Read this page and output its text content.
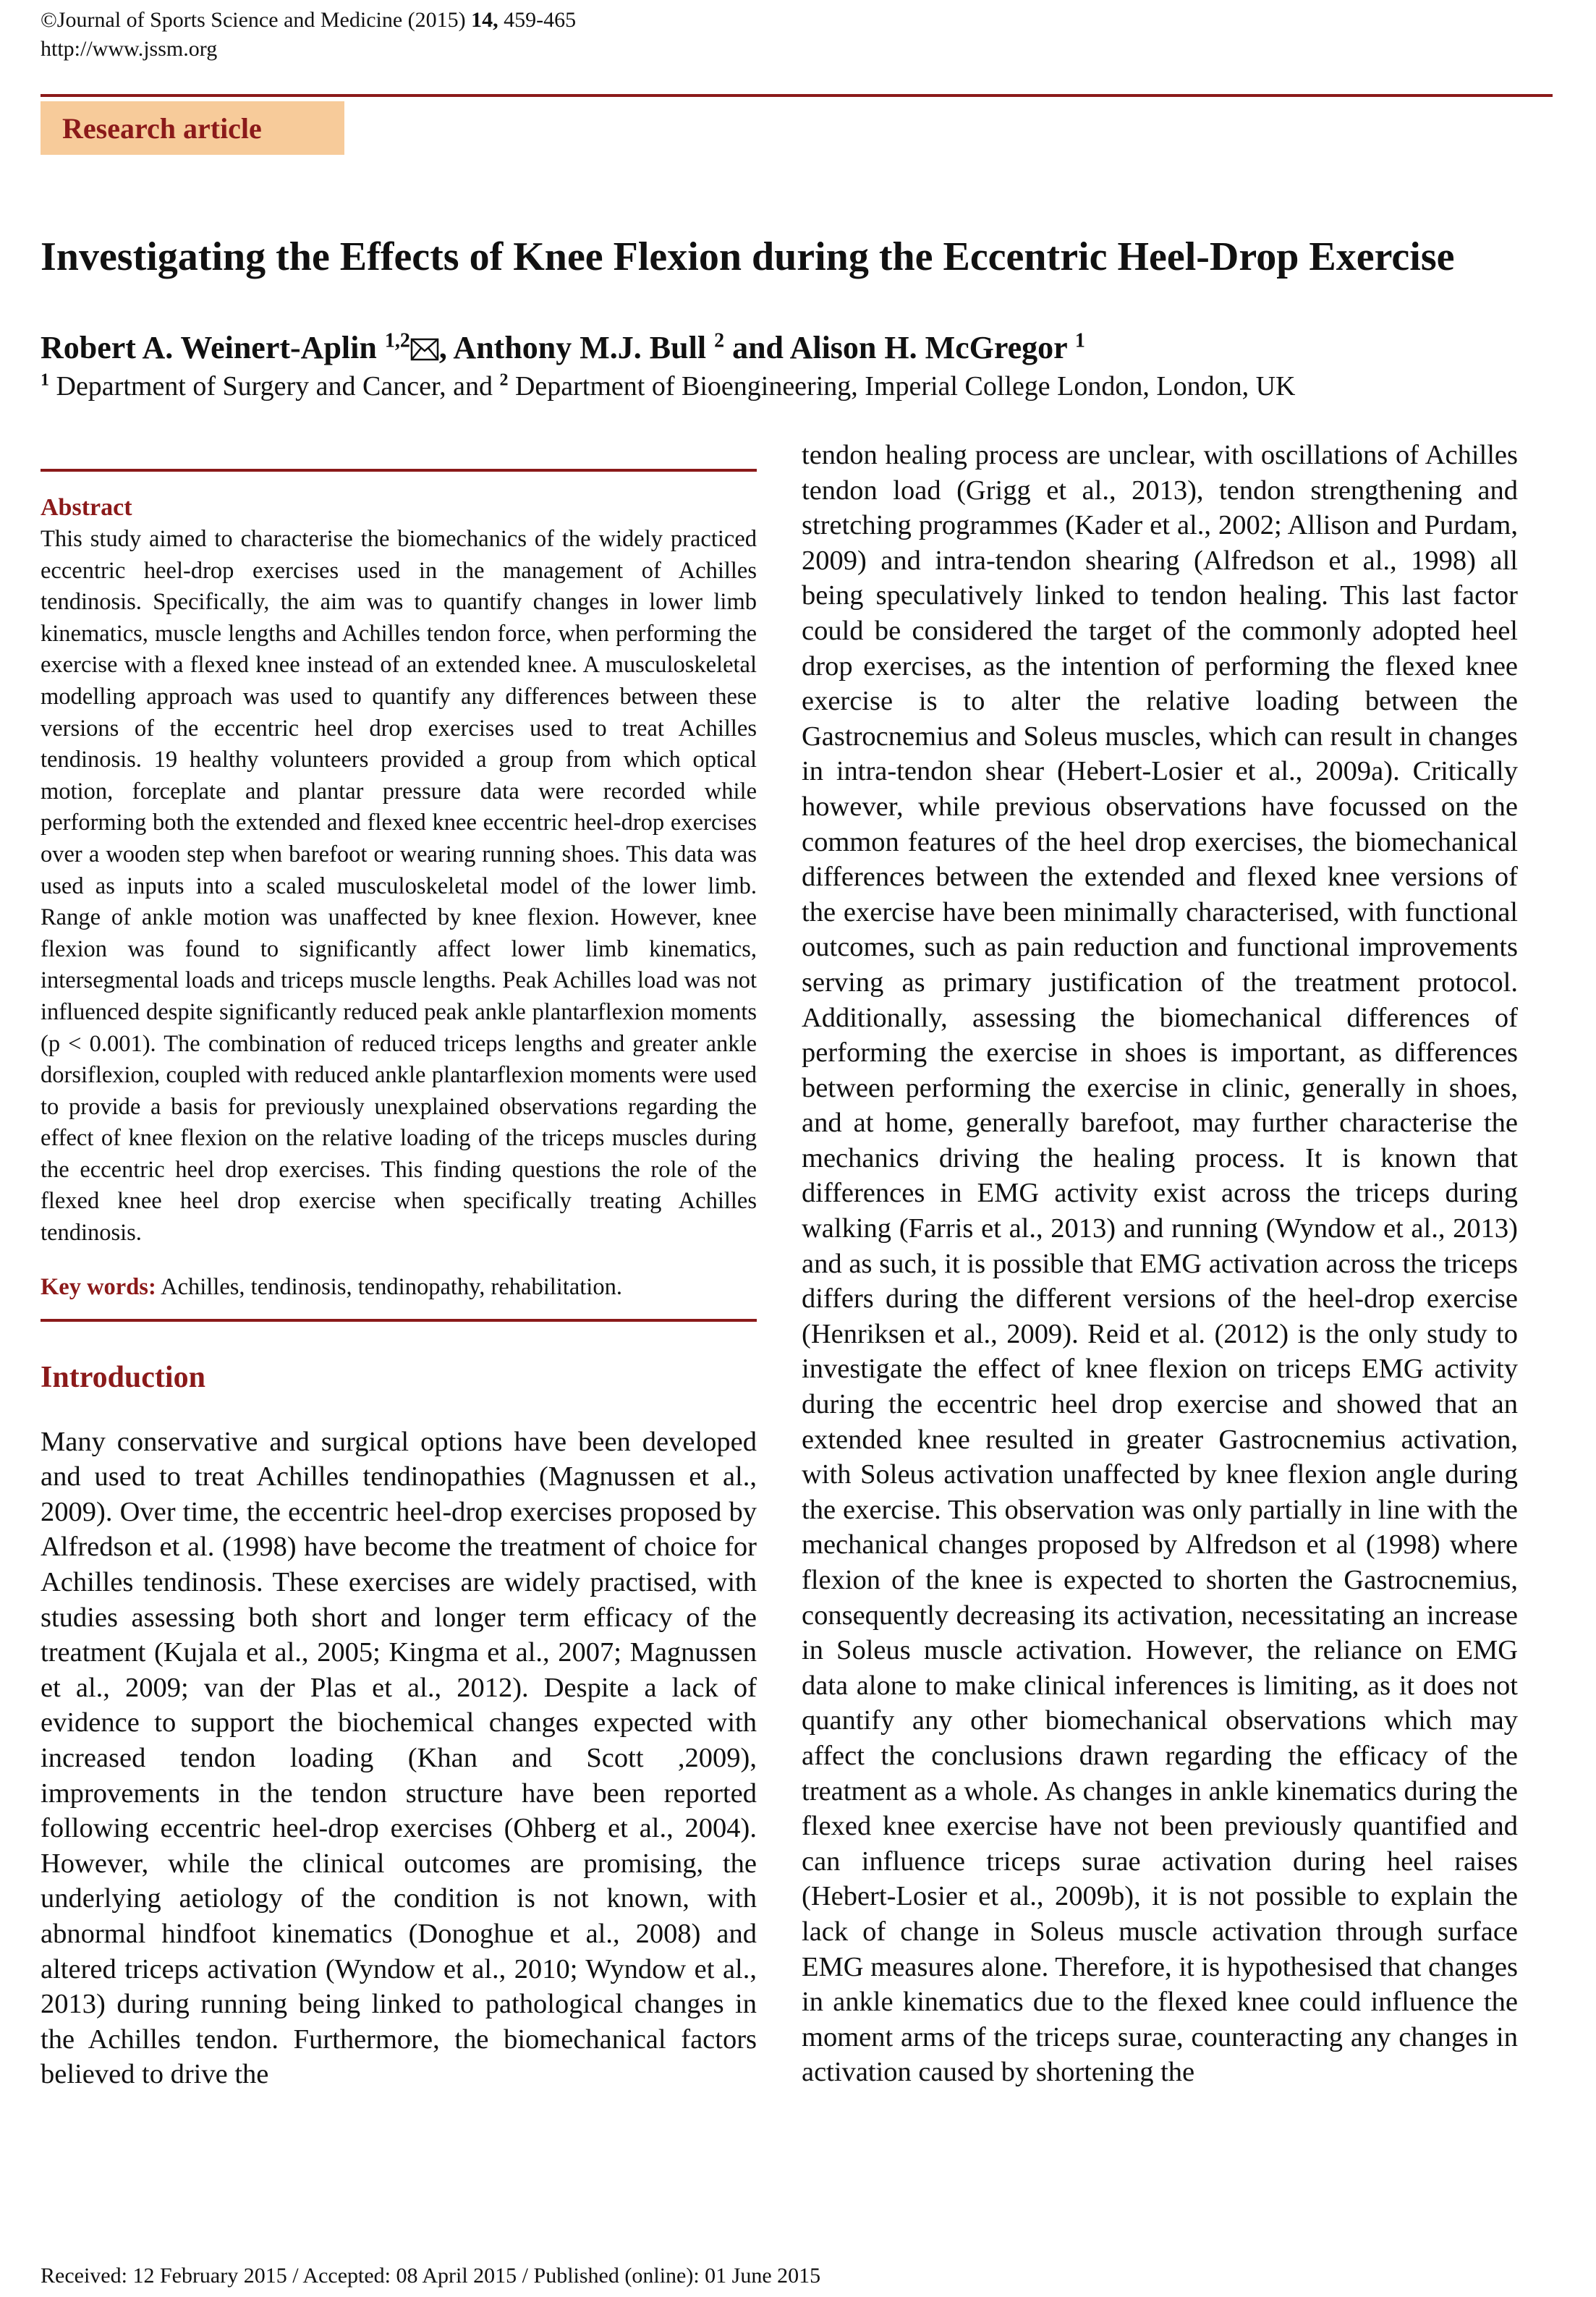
©Journal of Sports Science and Medicine (2015) 14, 459-465
http://www.jssm.org
Research article
Investigating the Effects of Knee Flexion during the Eccentric Heel-Drop Exercise
Robert A. Weinert-Aplin $^{1,2}$ , Anthony M.J. Bull $^2$ and Alison H. McGregor $^1$
$^1$ Department of Surgery and Cancer, and $^2$ Department of Bioengineering, Imperial College London, London, UK
Abstract
This study aimed to characterise the biomechanics of the widely practiced eccentric heel-drop exercises used in the management of Achilles tendinosis. Specifically, the aim was to quantify changes in lower limb kinematics, muscle lengths and Achilles tendon force, when performing the exercise with a flexed knee instead of an extended knee. A musculoskeletal modelling approach was used to quantify any differences between these versions of the eccentric heel drop exercises used to treat Achilles tendinosis. 19 healthy volunteers provided a group from which optical motion, forceplate and plantar pressure data were recorded while performing both the extended and flexed knee eccentric heel-drop exercises over a wooden step when barefoot or wearing running shoes. This data was used as inputs into a scaled musculoskeletal model of the lower limb. Range of ankle motion was unaffected by knee flexion. However, knee flexion was found to significantly affect lower limb kinematics, intersegmental loads and triceps muscle lengths. Peak Achilles load was not influenced despite significantly reduced peak ankle plantarflexion moments (p < 0.001). The combination of reduced triceps lengths and greater ankle dorsiflexion, coupled with reduced ankle plantarflexion moments were used to provide a basis for previously unexplained observations regarding the effect of knee flexion on the relative loading of the triceps muscles during the eccentric heel drop exercises. This finding questions the role of the flexed knee heel drop exercise when specifically treating Achilles tendinosis.
Key words: Achilles, tendinosis, tendinopathy, rehabilitation.
Introduction
Many conservative and surgical options have been developed and used to treat Achilles tendinopathies (Magnussen et al., 2009). Over time, the eccentric heel-drop exercises proposed by Alfredson et al. (1998) have become the treatment of choice for Achilles tendinosis. These exercises are widely practised, with studies assessing both short and longer term efficacy of the treatment (Kujala et al., 2005; Kingma et al., 2007; Magnussen et al., 2009; van der Plas et al., 2012). Despite a lack of evidence to support the biochemical changes expected with increased tendon loading (Khan and Scott ,2009), improvements in the tendon structure have been reported following eccentric heel-drop exercises (Ohberg et al., 2004). However, while the clinical outcomes are promising, the underlying aetiology of the condition is not known, with abnormal hindfoot kinematics (Donoghue et al., 2008) and altered triceps activation (Wyndow et al., 2010; Wyndow et al., 2013) during running being linked to pathological changes in the Achilles tendon. Furthermore, the biomechanical factors believed to drive the
tendon healing process are unclear, with oscillations of Achilles tendon load (Grigg et al., 2013), tendon strengthening and stretching programmes (Kader et al., 2002; Allison and Purdam, 2009) and intra-tendon shearing (Alfredson et al., 1998) all being speculatively linked to tendon healing. This last factor could be considered the target of the commonly adopted heel drop exercises, as the intention of performing the flexed knee exercise is to alter the relative loading between the Gastrocnemius and Soleus muscles, which can result in changes in intra-tendon shear (Hebert-Losier et al., 2009a). Critically however, while previous observations have focussed on the common features of the heel drop exercises, the biomechanical differences between the extended and flexed knee versions of the exercise have been minimally characterised, with functional outcomes, such as pain reduction and functional improvements serving as primary justification of the treatment protocol. Additionally, assessing the biomechanical differences of performing the exercise in shoes is important, as differences between performing the exercise in clinic, generally in shoes, and at home, generally barefoot, may further characterise the mechanics driving the healing process. It is known that differences in EMG activity exist across the triceps during walking (Farris et al., 2013) and running (Wyndow et al., 2013) and as such, it is possible that EMG activation across the triceps differs during the different versions of the heel-drop exercise (Henriksen et al., 2009). Reid et al. (2012) is the only study to investigate the effect of knee flexion on triceps EMG activity during the eccentric heel drop exercise and showed that an extended knee resulted in greater Gastrocnemius activation, with Soleus activation unaffected by knee flexion angle during the exercise. This observation was only partially in line with the mechanical changes proposed by Alfredson et al (1998) where flexion of the knee is expected to shorten the Gastrocnemius, consequently decreasing its activation, necessitating an increase in Soleus muscle activation. However, the reliance on EMG data alone to make clinical inferences is limiting, as it does not quantify any other biomechanical observations which may affect the conclusions drawn regarding the efficacy of the treatment as a whole. As changes in ankle kinematics during the flexed knee exercise have not been previously quantified and can influence triceps surae activation during heel raises (Hebert-Losier et al., 2009b), it is not possible to explain the lack of change in Soleus muscle activation through surface EMG measures alone. Therefore, it is hypothesised that changes in ankle kinematics due to the flexed knee could influence the moment arms of the triceps surae, counteracting any changes in activation caused by shortening the
Received: 12 February 2015 / Accepted: 08 April 2015 / Published (online): 01 June 2015
